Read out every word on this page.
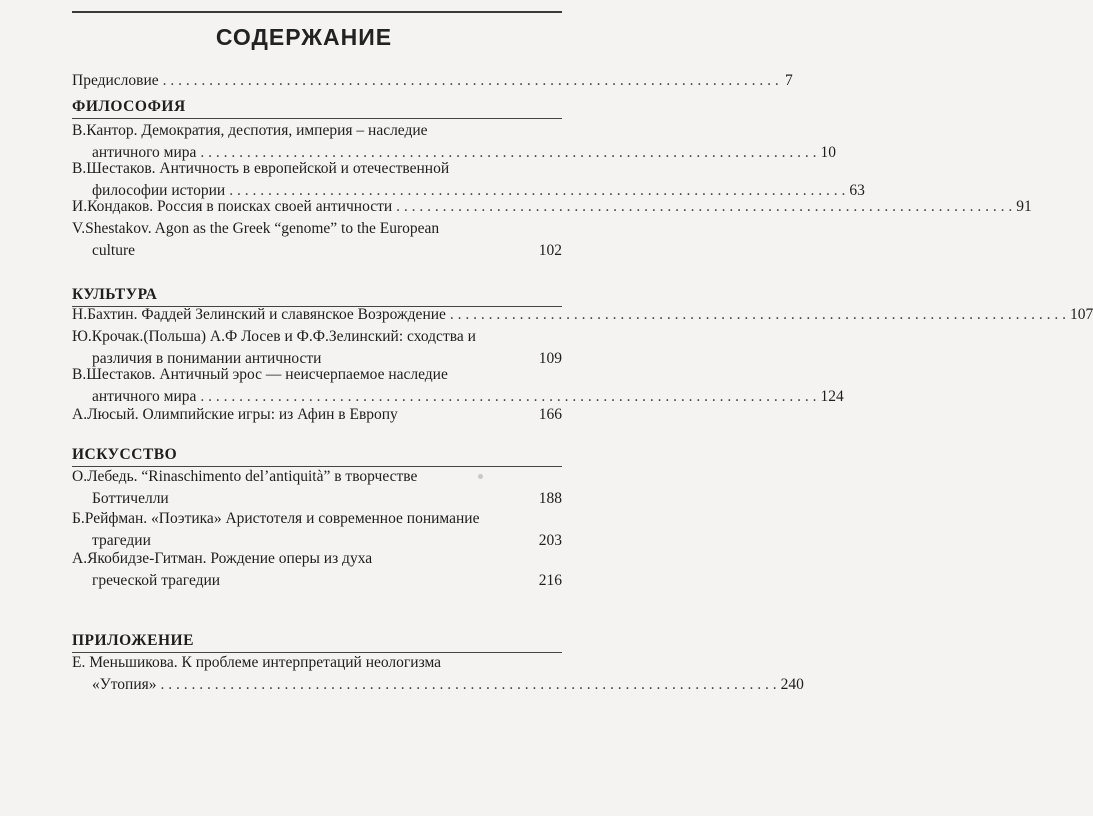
СОДЕРЖАНИЕ
Предисловие . . . . . . . . . . . . . . . . . . . . . . . . . . . . . . . . . . . . . . . . . . . . . . . . . . . . . . . . . . . . . . . . . . . . . . . . . . . . . . . . 7
ФИЛОСОФИЯ
В.Кантор. Демократия, деспотия, империя – наследие
античного мира . . . . . . . . . . . . . . . . . . . . . . . . . . . . . . . . . . . . . . . . . . . . . . . . . . . . . . . . . . . . . . . . . . . . . . . . . . . . . . . . 10
В.Шестаков. Античность в европейской и отечественной
философии истории . . . . . . . . . . . . . . . . . . . . . . . . . . . . . . . . . . . . . . . . . . . . . . . . . . . . . . . . . . . . . . . . . . . . . . . . . . . . . . . . 63
И.Кондаков. Россия в поисках своей античности . . . . . . . . . . . . . . . . . . . . . . . . . . . . . . . . . . . . . . . . . . . . . . . . . . . . . . . . . . . . . . . . . . . . . . . . . . . . . . . . 91
V.Shestakov. Agon as the Greek “genome” to the European
culture	102
КУЛЬТУРА
Н.Бахтин. Фаддей Зелинский и славянское Возрождение . . . . . . . . . . . . . . . . . . . . . . . . . . . . . . . . . . . . . . . . . . . . . . . . . . . . . . . . . . . . . . . . . . . . . . . . . . . . . . . . 107
Ю.Крочак.(Польша) А.Ф Лосев и Ф.Ф.Зелинский: сходства и
различия в понимании античности	109
В.Шестаков. Античный эрос — неисчерпаемое наследие
античного мира . . . . . . . . . . . . . . . . . . . . . . . . . . . . . . . . . . . . . . . . . . . . . . . . . . . . . . . . . . . . . . . . . . . . . . . . . . . . . . . . 124
А.Люсый. Олимпийские игры: из Афин в Европу	166
ИСКУССТВО
О.Лебедь. “Rinaschimento del’antiquità” в творчестве
Боттичелли	188
Б.Рейфман. «Поэтика» Аристотеля и современное понимание
трагедии	203
А.Якобидзе-Гитман. Рождение оперы из духа
греческой трагедии	216
ПРИЛОЖЕНИЕ
Е. Меньшикова. К проблеме интерпретаций неологизма
«Утопия» . . . . . . . . . . . . . . . . . . . . . . . . . . . . . . . . . . . . . . . . . . . . . . . . . . . . . . . . . . . . . . . . . . . . . . . . . . . . . . . . 240
